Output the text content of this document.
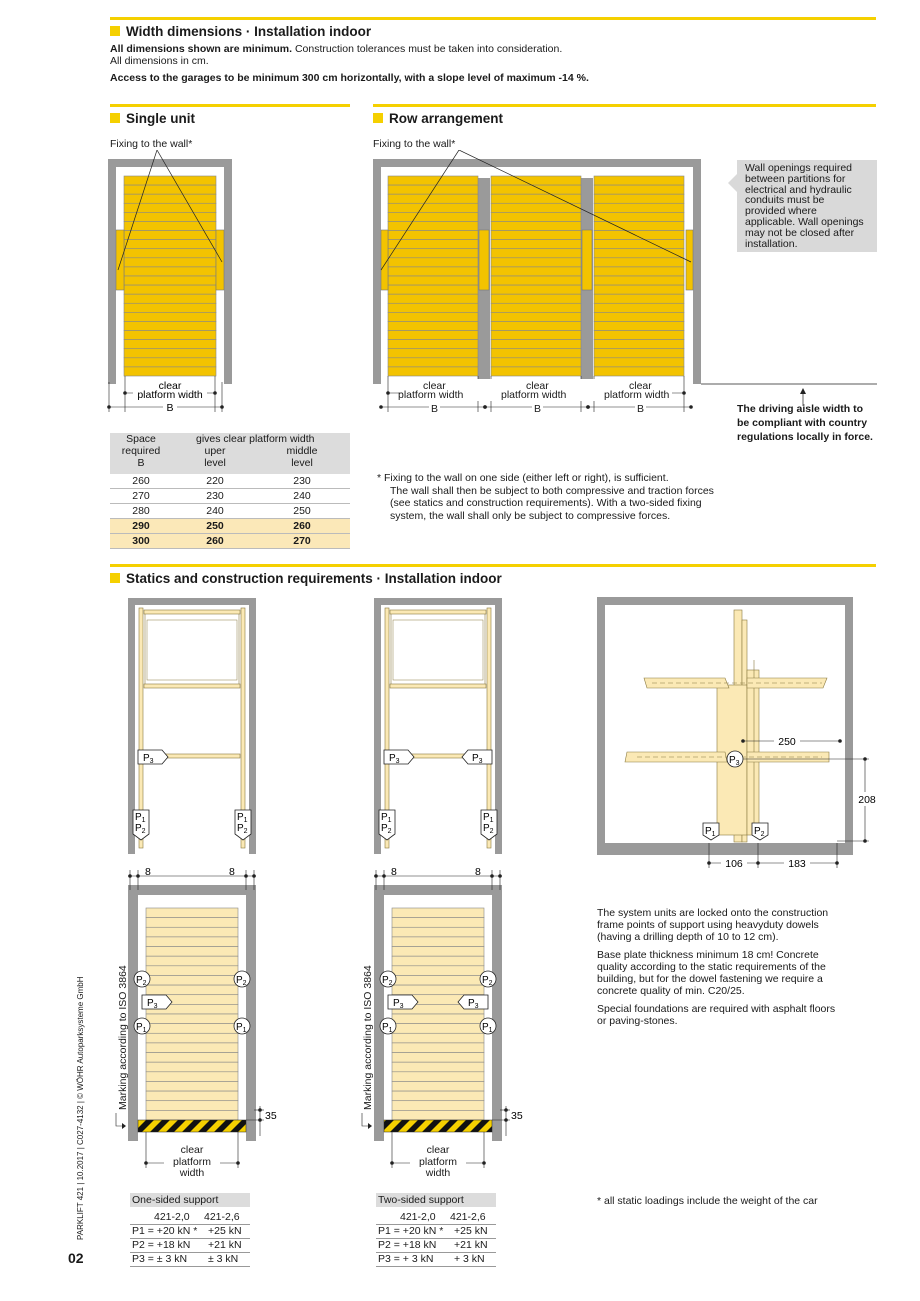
Width dimensions · Installation indoor
All dimensions shown are minimum. Construction tolerances must be taken into consideration.
All dimensions in cm.
Access to the garages to be minimum 300 cm horizontally, with a slope level of maximum -14 %.
Single unit
Fixing to the wall*
Row arrangement
Fixing to the wall*
clear
platform width
B
clear
platform width
B
clear
platform width
B
clear
platform width
B
Wall openings required
between partitions for
electrical and hydraulic
conduits must be
provided where
applicable. Wall openings
may not be closed after
installation.
The driving aisle width to
be compliant with country
regulations locally in force.
Space
required
B
gives clear platform width
uper
level
middle
level
260	220	230
270	230	240
280	240	250
290	250	260
300	260	270
* Fixing to the wall on one side (either left or right), is sufficient.
The wall shall then be subject to both compressive and traction forces
(see statics and construction requirements). With a two-sided fixing
system, the wall shall only be subject to compressive forces.
Statics and construction requirements · Installation indoor
$P_3$
$P_1$
$P_2$
$P_1$
$P_2$
$P_3$	$P_3$
$P_1$
$P_2$
$P_1$
$P_2$
8	8
$P_2$
$P_1$
$P_2$
$P_1$
$P_3$
35
8	8
$P_2$
$P_1$
$P_2$
$P_1$
$P_3$	$P_3$
35
$P_3$
$P_1$	$P_2$
250
208
106	183
Marking according to ISO 3864	Marking according to ISO 3864
clear
platform
width
clear
platform
width
The system units are locked onto the construction
frame points of support using heavyduty dowels
(having a drilling depth of 10 to 12 cm).
Base plate thickness minimum 18 cm! Concrete
quality according to the static requirements of the
building, but for the dowel fastening we require a
concrete quality of min. C20/25.
Special foundations are required with asphalt floors
or paving-stones.
* all static loadings include the weight of the car
One-sided support
421-2,0 421-2,6
P1 = +20 kN * +25 kN
P2 = +18 kN +21 kN
P3 = ± 3 kN ± 3 kN
Two-sided support
421-2,0 421-2,6
P1 = +20 kN * +25 kN
P2 = +18 kN +21 kN
P3 = + 3 kN + 3 kN
PARKLIFT 421 | 10.2017 | C027-4132 | © WÖHR Autoparksysteme GmbH
02
